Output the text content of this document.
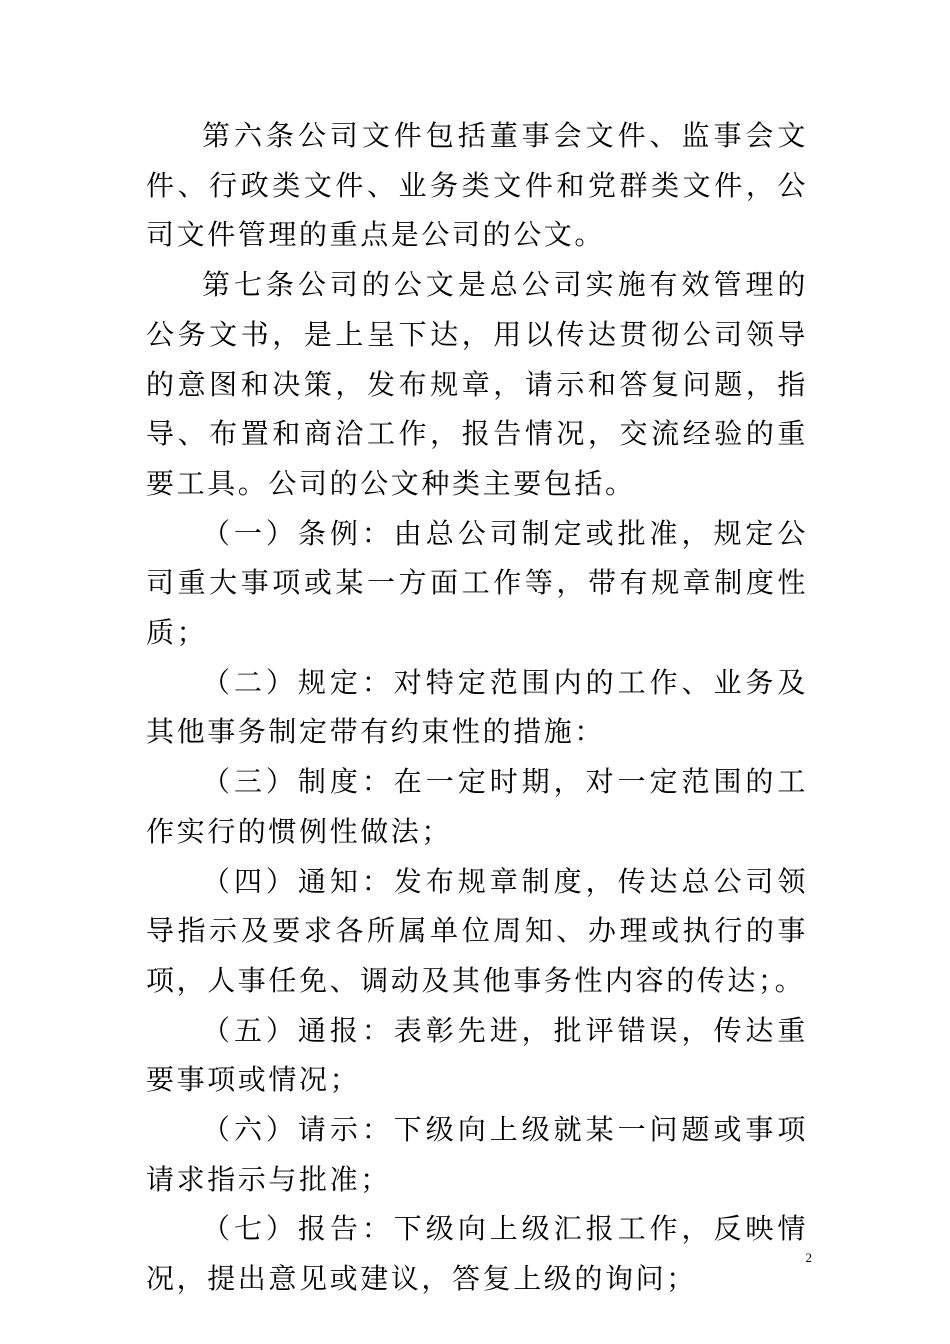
第六条公司文件包括董事会文件、监事会文件、行政类文件、业务类文件和党群类文件，公司文件管理的重点是公司的公文。

第七条公司的公文是总公司实施有效管理的公务文书，是上呈下达，用以传达贯彻公司领导的意图和决策，发布规章，请示和答复问题，指导、布置和商洽工作，报告情况，交流经验的重要工具。公司的公文种类主要包括。

（一）条例：由总公司制定或批准，规定公司重大事项或某一方面工作等，带有规章制度性质；

（二）规定：对特定范围内的工作、业务及其他事务制定带有约束性的措施：

（三）制度：在一定时期，对一定范围的工作实行的惯例性做法；

（四）通知：发布规章制度，传达总公司领导指示及要求各所属单位周知、办理或执行的事项，人事任免、调动及其他事务性内容的传达；。

（五）通报：表彰先进，批评错误，传达重要事项或情况；

（六）请示：下级向上级就某一问题或事项请求指示与批准；

（七）报告：下级向上级汇报工作，反映情况，提出意见或建议，答复上级的询问；

2
